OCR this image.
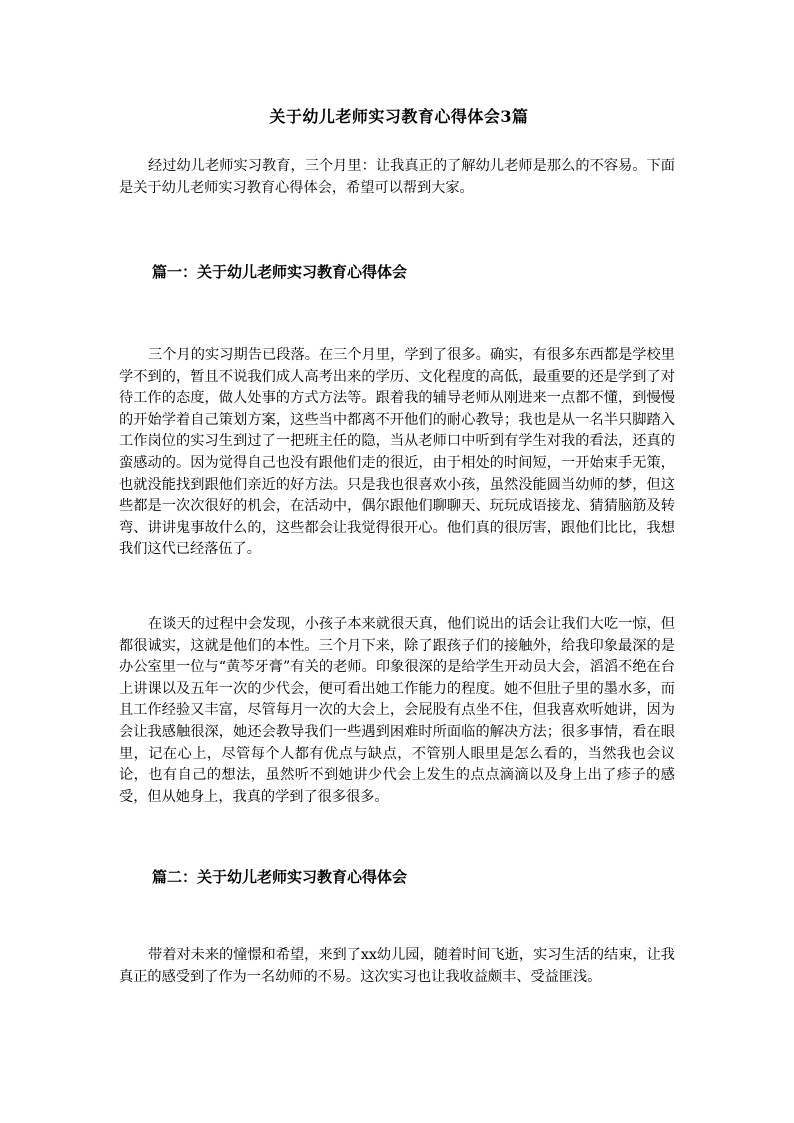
关于幼儿老师实习教育心得体会3篇

经过幼儿老师实习教育，三个月里：让我真正的了解幼儿老师是那么的不容易。下面是关于幼儿老师实习教育心得体会，希望可以帮到大家。

篇一：关于幼儿老师实习教育心得体会

三个月的实习期告已段落。在三个月里，学到了很多。确实，有很多东西都是学校里学不到的，暂且不说我们成人高考出来的学历、文化程度的高低，最重要的还是学到了对待工作的态度，做人处事的方式方法等。跟着我的辅导老师从刚进来一点都不懂，到慢慢的开始学着自己策划方案，这些当中都离不开他们的耐心教导；我也是从一名半只脚踏入工作岗位的实习生到过了一把班主任的隐，当从老师口中听到有学生对我的看法，还真的蛮感动的。因为觉得自己也没有跟他们走的很近，由于相处的时间短，一开始束手无策，也就没能找到跟他们亲近的好方法。只是我也很喜欢小孩，虽然没能圆当幼师的梦，但这些都是一次次很好的机会，在活动中，偶尔跟他们聊聊天、玩玩成语接龙、猜猜脑筋及转弯、讲讲鬼事故什么的，这些都会让我觉得很开心。他们真的很厉害，跟他们比比，我想我们这代已经落伍了。

在谈天的过程中会发现，小孩子本来就很天真，他们说出的话会让我们大吃一惊，但都很诚实，这就是他们的本性。三个月下来，除了跟孩子们的接触外，给我印象最深的是办公室里一位与“黄芩牙膏”有关的老师。印象很深的是给学生开动员大会，滔滔不绝在台上讲课以及五年一次的少代会，便可看出她工作能力的程度。她不但肚子里的墨水多，而且工作经验又丰富，尽管每月一次的大会上，会屁股有点坐不住，但我喜欢听她讲，因为会让我感触很深，她还会教导我们一些遇到困难时所面临的解决方法；很多事情，看在眼里，记在心上，尽管每个人都有优点与缺点，不管别人眼里是怎么看的，当然我也会议论，也有自己的想法，虽然听不到她讲少代会上发生的点点滴滴以及身上出了疹子的感受，但从她身上，我真的学到了很多很多。

篇二：关于幼儿老师实习教育心得体会

带着对未来的憧憬和希望，来到了xx幼儿园，随着时间飞逝，实习生活的结束，让我真正的感受到了作为一名幼师的不易。这次实习也让我收益颇丰、受益匪浅。
